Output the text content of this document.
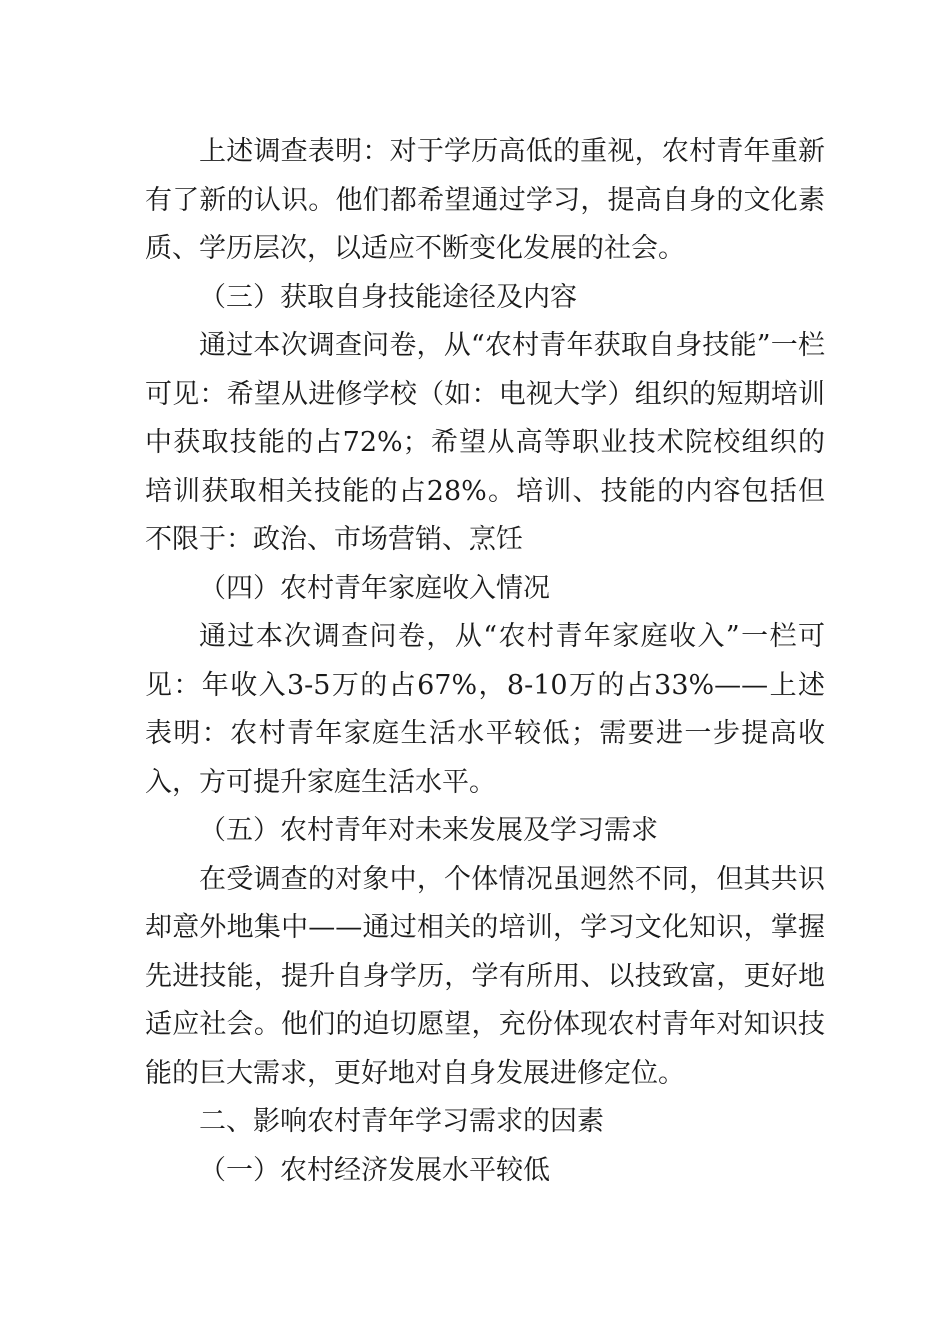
上述调查表明：对于学历高低的重视，农村青年重新有了新的认识。他们都希望通过学习，提高自身的文化素质、学历层次，以适应不断变化发展的社会。

（三）获取自身技能途径及内容

通过本次调查问卷，从“农村青年获取自身技能”一栏可见：希望从进修学校（如：电视大学）组织的短期培训中获取技能的占72%；希望从高等职业技术院校组织的培训获取相关技能的占28%。培训、技能的内容包括但不限于：政治、市场营销、烹饪

（四）农村青年家庭收入情况

通过本次调查问卷，从“农村青年家庭收入”一栏可见：年收入3-5万的占67%，8-10万的占33%——上述表明：农村青年家庭生活水平较低；需要进一步提高收入，方可提升家庭生活水平。

（五）农村青年对未来发展及学习需求

在受调查的对象中，个体情况虽迥然不同，但其共识却意外地集中——通过相关的培训，学习文化知识，掌握先进技能，提升自身学历，学有所用、以技致富，更好地适应社会。他们的迫切愿望，充份体现农村青年对知识技能的巨大需求，更好地对自身发展进修定位。

二、影响农村青年学习需求的因素

（一）农村经济发展水平较低
